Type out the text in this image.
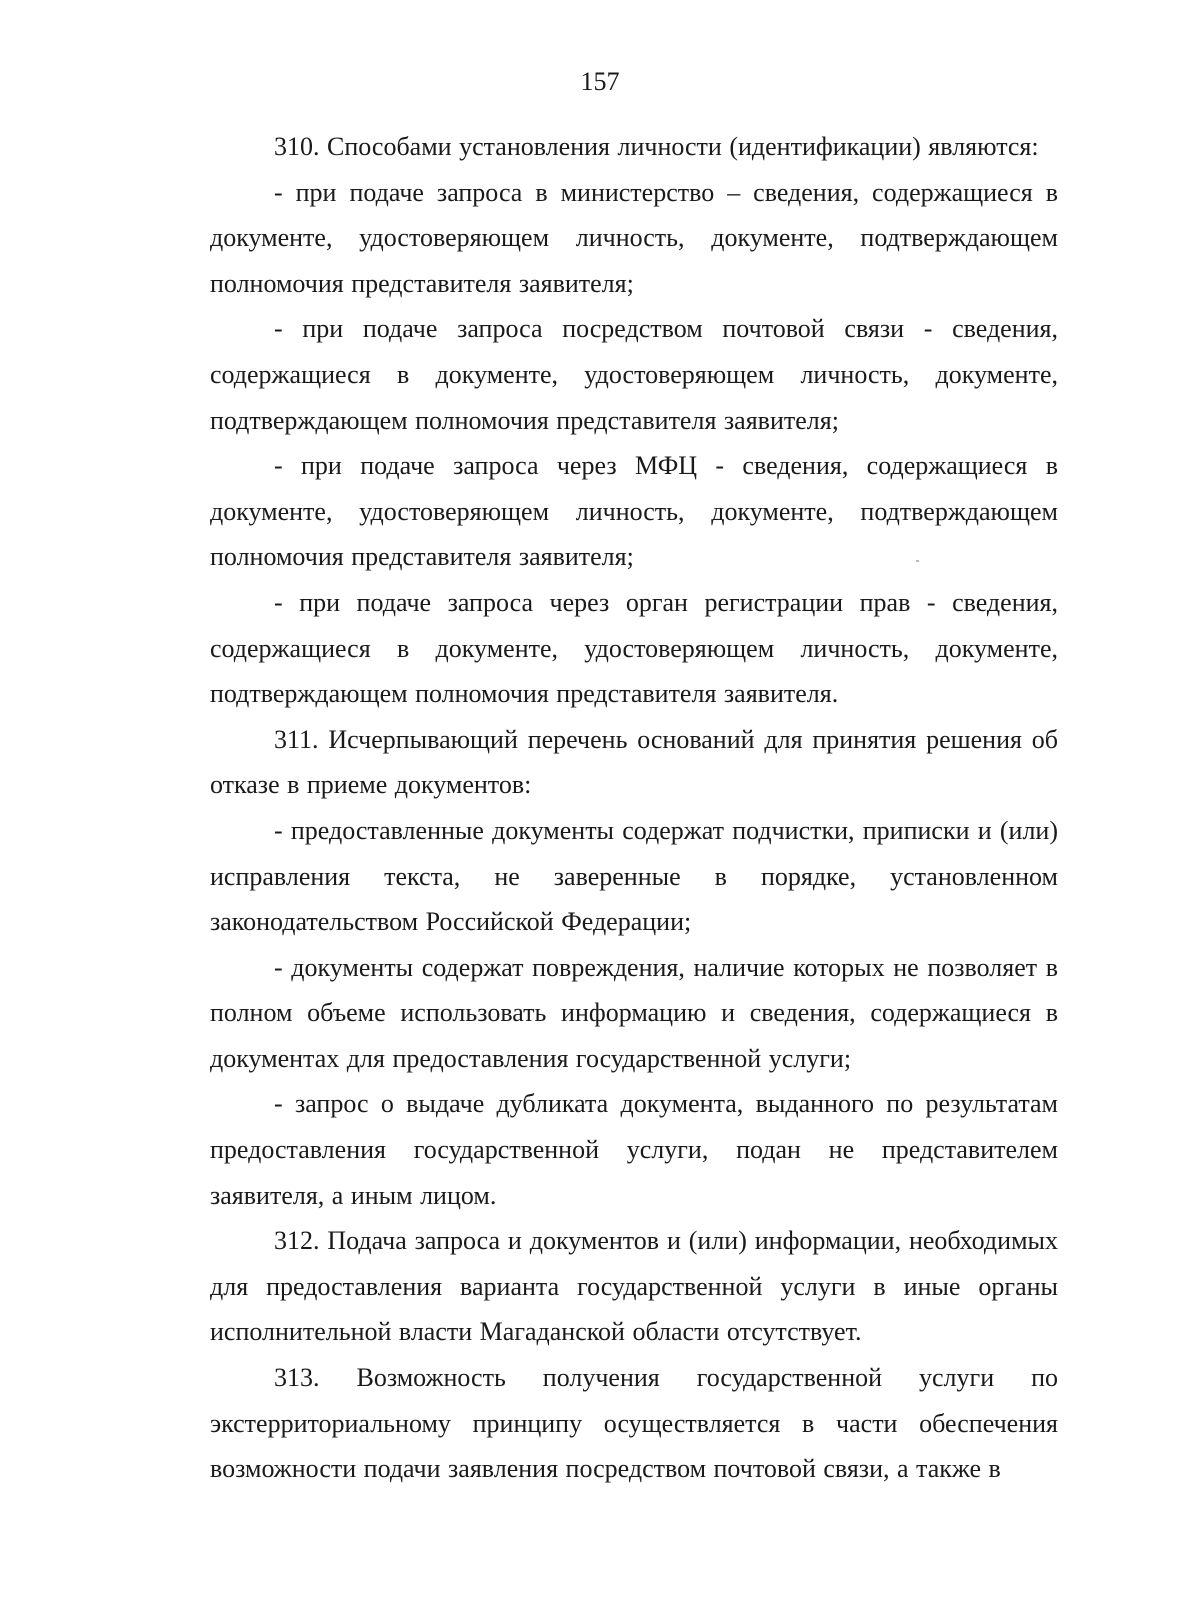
157

310. Способами установления личности (идентификации) являются:

- при подаче запроса в министерство – сведения, содержащиеся в документе, удостоверяющем личность, документе, подтверждающем полномочия представителя заявителя;

- при подаче запроса посредством почтовой связи - сведения, содержащиеся в документе, удостоверяющем личность, документе, подтверждающем полномочия представителя заявителя;

- при подаче запроса через МФЦ - сведения, содержащиеся в документе, удостоверяющем личность, документе, подтверждающем полномочия представителя заявителя;

- при подаче запроса через орган регистрации прав - сведения, содержащиеся в документе, удостоверяющем личность, документе, подтверждающем полномочия представителя заявителя.

311. Исчерпывающий перечень оснований для принятия решения об отказе в приеме документов:

- предоставленные документы содержат подчистки, приписки и (или) исправления текста, не заверенные в порядке, установленном законодательством Российской Федерации;

- документы содержат повреждения, наличие которых не позволяет в полном объеме использовать информацию и сведения, содержащиеся в документах для предоставления государственной услуги;

- запрос о выдаче дубликата документа, выданного по результатам предоставления государственной услуги, подан не представителем заявителя, а иным лицом.

312. Подача запроса и документов и (или) информации, необходимых для предоставления варианта государственной услуги в иные органы исполнительной власти Магаданской области отсутствует.

313. Возможность получения государственной услуги по экстерриториальному принципу осуществляется в части обеспечения возможности подачи заявления посредством почтовой связи, а также в
